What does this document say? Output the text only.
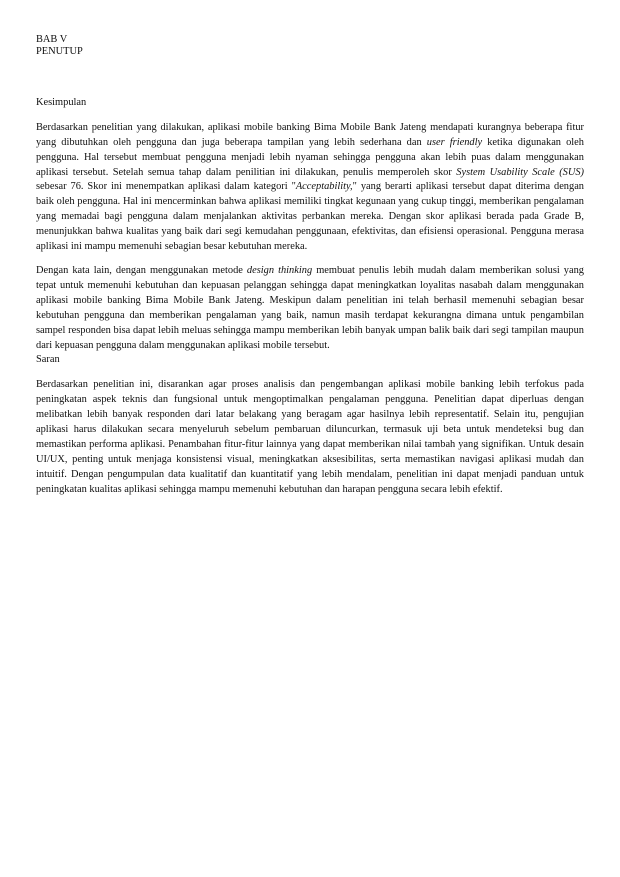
BAB V
PENUTUP
Kesimpulan

Berdasarkan penelitian yang dilakukan, aplikasi mobile banking Bima Mobile Bank Jateng mendapati kurangnya beberapa fitur yang dibutuhkan oleh pengguna dan juga beberapa tampilan yang lebih sederhana dan user friendly ketika digunakan oleh pengguna. Hal tersebut membuat pengguna menjadi lebih nyaman sehingga pengguna akan lebih puas dalam menggunakan aplikasi tersebut. Setelah semua tahap dalam penilitian ini dilakukan, penulis memperoleh skor System Usability Scale (SUS) sebesar 76. Skor ini menempatkan aplikasi dalam kategori "Acceptability," yang berarti aplikasi tersebut dapat diterima dengan baik oleh pengguna. Hal ini mencerminkan bahwa aplikasi memiliki tingkat kegunaan yang cukup tinggi, memberikan pengalaman yang memadai bagi pengguna dalam menjalankan aktivitas perbankan mereka. Dengan skor aplikasi berada pada Grade B, menunjukkan bahwa kualitas yang baik dari segi kemudahan penggunaan, efektivitas, dan efisiensi operasional. Pengguna merasa aplikasi ini mampu memenuhi sebagian besar kebutuhan mereka.

Dengan kata lain, dengan menggunakan metode design thinking membuat penulis lebih mudah dalam memberikan solusi yang tepat untuk memenuhi kebutuhan dan kepuasan pelanggan sehingga dapat meningkatkan loyalitas nasabah dalam menggunakan aplikasi mobile banking Bima Mobile Bank Jateng. Meskipun dalam penelitian ini telah berhasil memenuhi sebagian besar kebutuhan pengguna dan memberikan pengalaman yang baik, namun masih terdapat kekurangna dimana untuk pengambilan sampel responden bisa dapat lebih meluas sehingga mampu memberikan lebih banyak umpan balik baik dari segi tampilan maupun dari kepuasan pengguna dalam menggunakan aplikasi mobile tersebut.

Saran

Berdasarkan penelitian ini, disarankan agar proses analisis dan pengembangan aplikasi mobile banking lebih terfokus pada peningkatan aspek teknis dan fungsional untuk mengoptimalkan pengalaman pengguna. Penelitian dapat diperluas dengan melibatkan lebih banyak responden dari latar belakang yang beragam agar hasilnya lebih representatif. Selain itu, pengujian aplikasi harus dilakukan secara menyeluruh sebelum pembaruan diluncurkan, termasuk uji beta untuk mendeteksi bug dan memastikan performa aplikasi. Penambahan fitur-fitur lainnya yang dapat memberikan nilai tambah yang signifikan. Untuk desain UI/UX, penting untuk menjaga konsistensi visual, meningkatkan aksesibilitas, serta memastikan navigasi aplikasi mudah dan intuitif. Dengan pengumpulan data kualitatif dan kuantitatif yang lebih mendalam, penelitian ini dapat menjadi panduan untuk peningkatan kualitas aplikasi sehingga mampu memenuhi kebutuhan dan harapan pengguna secara lebih efektif.
